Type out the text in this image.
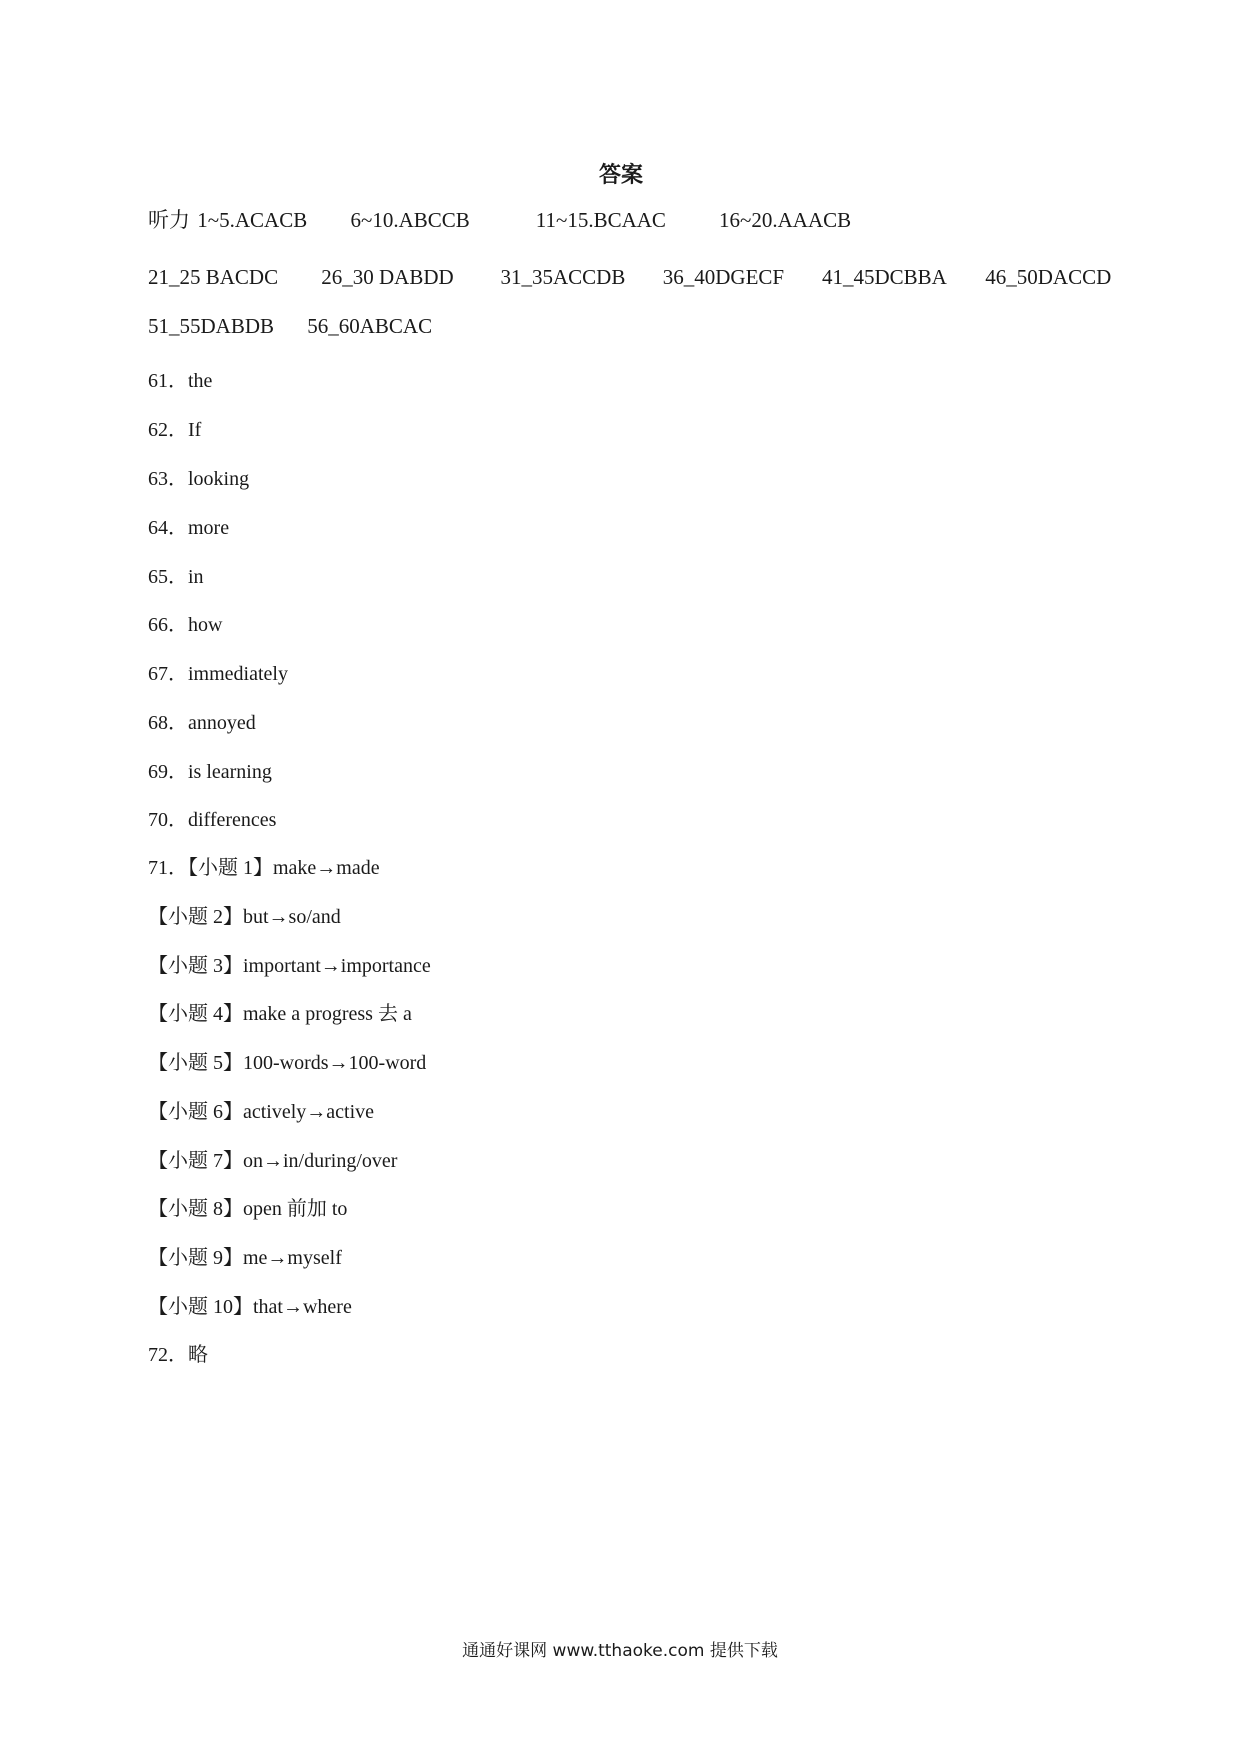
答案
听力 1~5.ACACB 6~10.ABCCB	11~15.BCAAC	16~20.AAACB
21_25 BACDC 26_30 DABDD 31_35ACCDB 36_40DGECF 41_45DCBBA 46_50DACCD
51_55DABDB 56_60ABCAC
61．the
62．If
63．looking
64．more
65．in
66．how
67．immediately
68．annoyed
69．is learning
70．differences
71．【小题 1】make→made
【小题 2】but→so/and
【小题 3】important→importance
【小题 4】make a progress 去 a
【小题 5】100-words→100-word
【小题 6】actively→active
【小题 7】on→in/during/over
【小题 8】open 前加 to
【小题 9】me→myself
【小题 10】that→where
72．略
通通好课网 www.tthaoke.com 提供下载
